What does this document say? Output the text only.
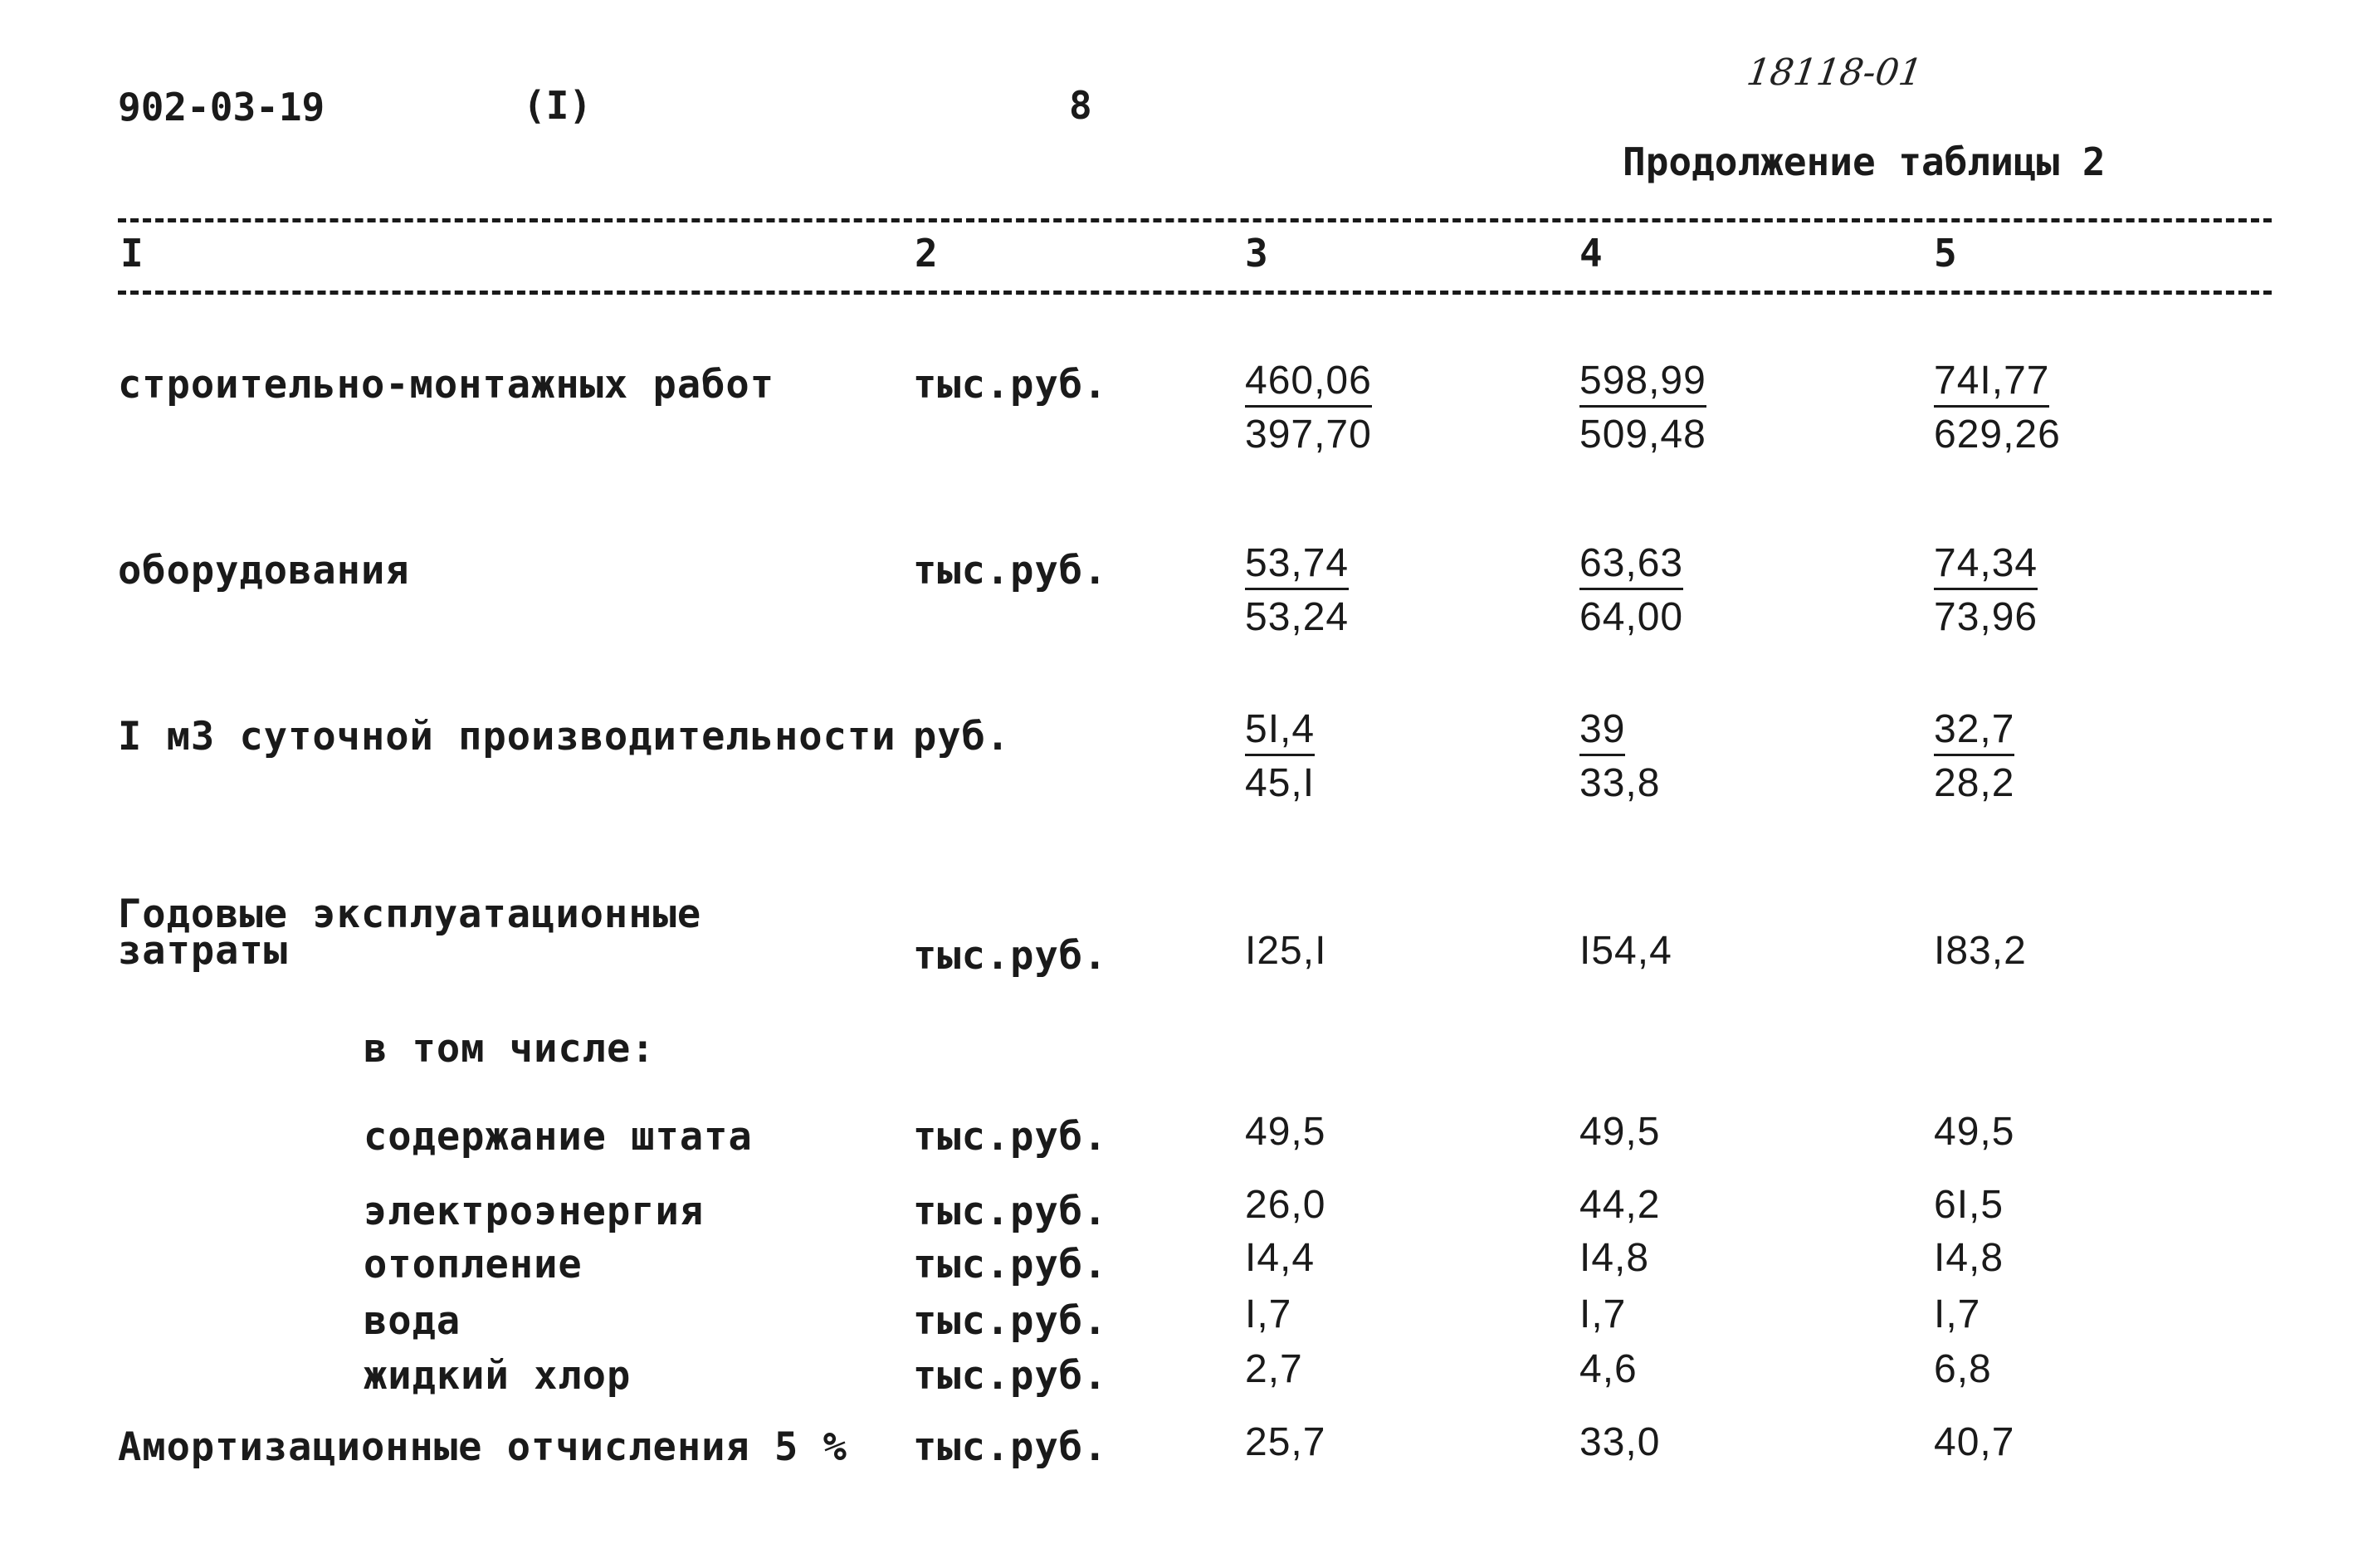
902-03-19	(I)	8
18118-01
Продолжение таблицы 2
I	2	3	4	5
строительно-монтажных работ	тыс.руб.	$\frac{460,06}{397,70}$	$\frac{598,99}{509,48}$	$\frac{74I,77}{629,26}$
оборудования	тыс.руб.	$\frac{53,74}{53,24}$	$\frac{63,63}{64,00}$	$\frac{74,34}{73,96}$
I м3 суточной производительности руб.	$\frac{5I,4}{45,I}$	$\frac{39}{33,8}$	$\frac{32,7}{28,2}$
Годовые эксплуатационные
затраты	тыс.руб.	I25,I	I54,4	I83,2
в том числе:
содержание штата	тыс.руб.	49,5	49,5	49,5
электроэнергия	тыс.руб.	26,0	44,2	6I,5
отопление	тыс.руб.	I4,4	I4,8	I4,8
вода	тыс.руб.	I,7	I,7	I,7
жидкий хлор	тыс.руб.	2,7	4,6	6,8
Амортизационные отчисления 5 % тыс.руб.	25,7	33,0	40,7
